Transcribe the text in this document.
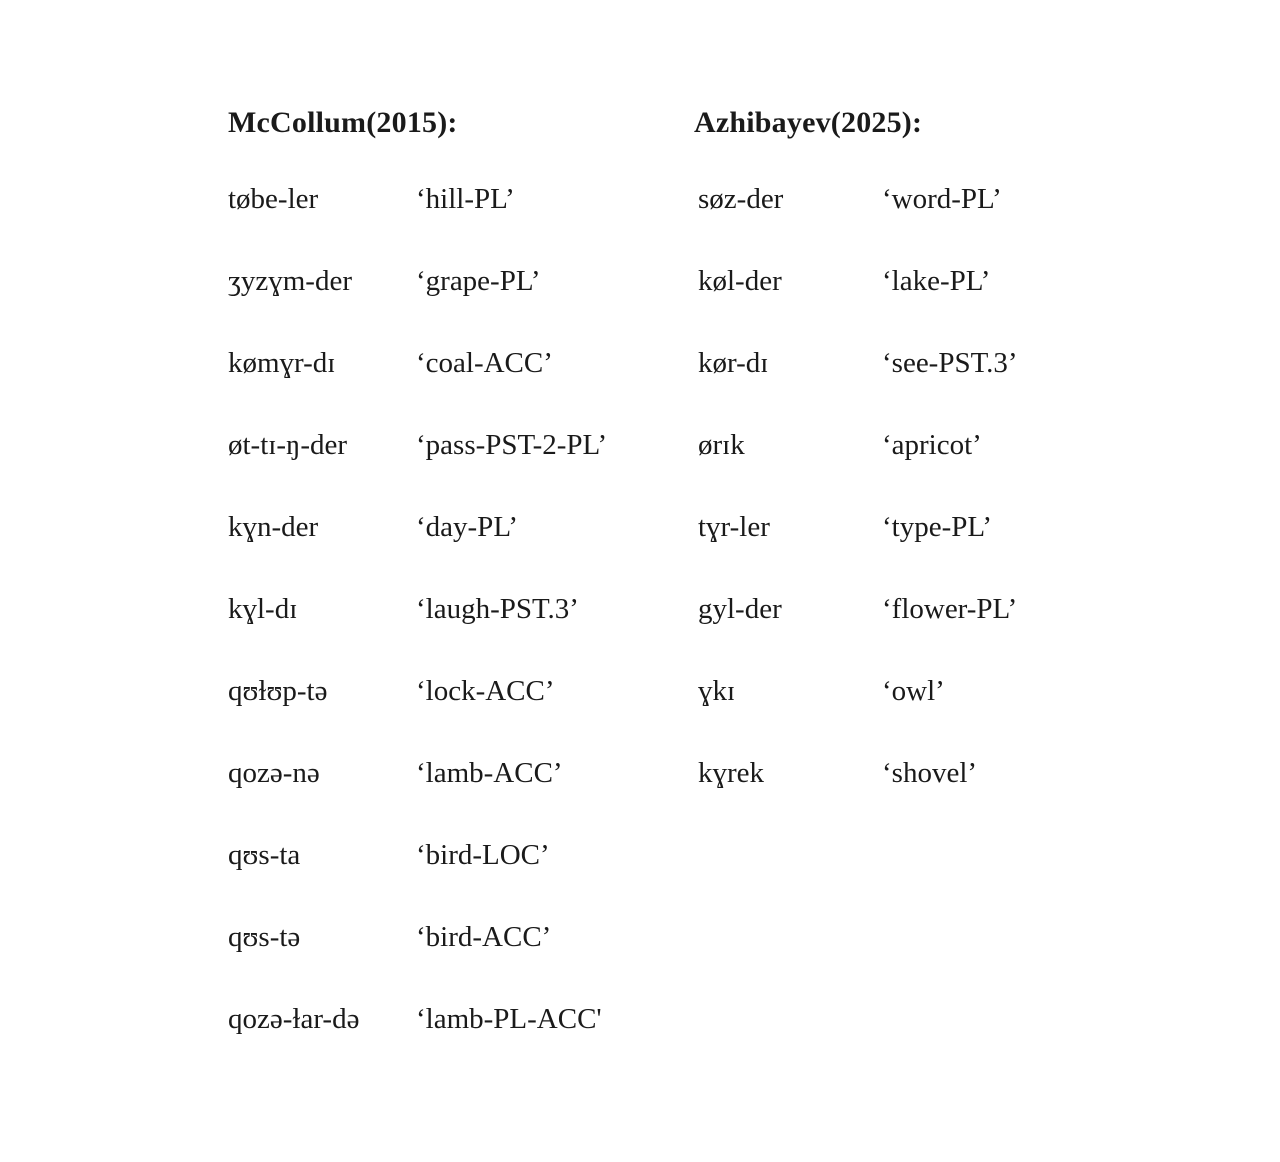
McCollum(2015):
tøbe-ler	‘hill-PL’
ʒyzɣm-der	‘grape-PL’
kømɣr-dɪ	‘coal-ACC’
øt-tɪ-ŋ-der	‘pass-PST-2-PL’
kɣn-der	‘day-PL’
kɣl-dɪ	‘laugh-PST.3’
qʊɫʊp-tə	‘lock-ACC’
qozə-nə	‘lamb-ACC’
qʊs-ta	‘bird-LOC’
qʊs-tə	‘bird-ACC’
qozə-ɫar-də	‘lamb-PL-ACC'
Azhibayev(2025):
søz-der	‘word-PL’
køl-der	‘lake-PL’
kør-dɪ	‘see-PST.3’
ørɪk	‘apricot’
tɣr-ler	‘type-PL’
gyl-der	‘flower-PL’
ɣkɪ	‘owl’
kɣrek	‘shovel’
